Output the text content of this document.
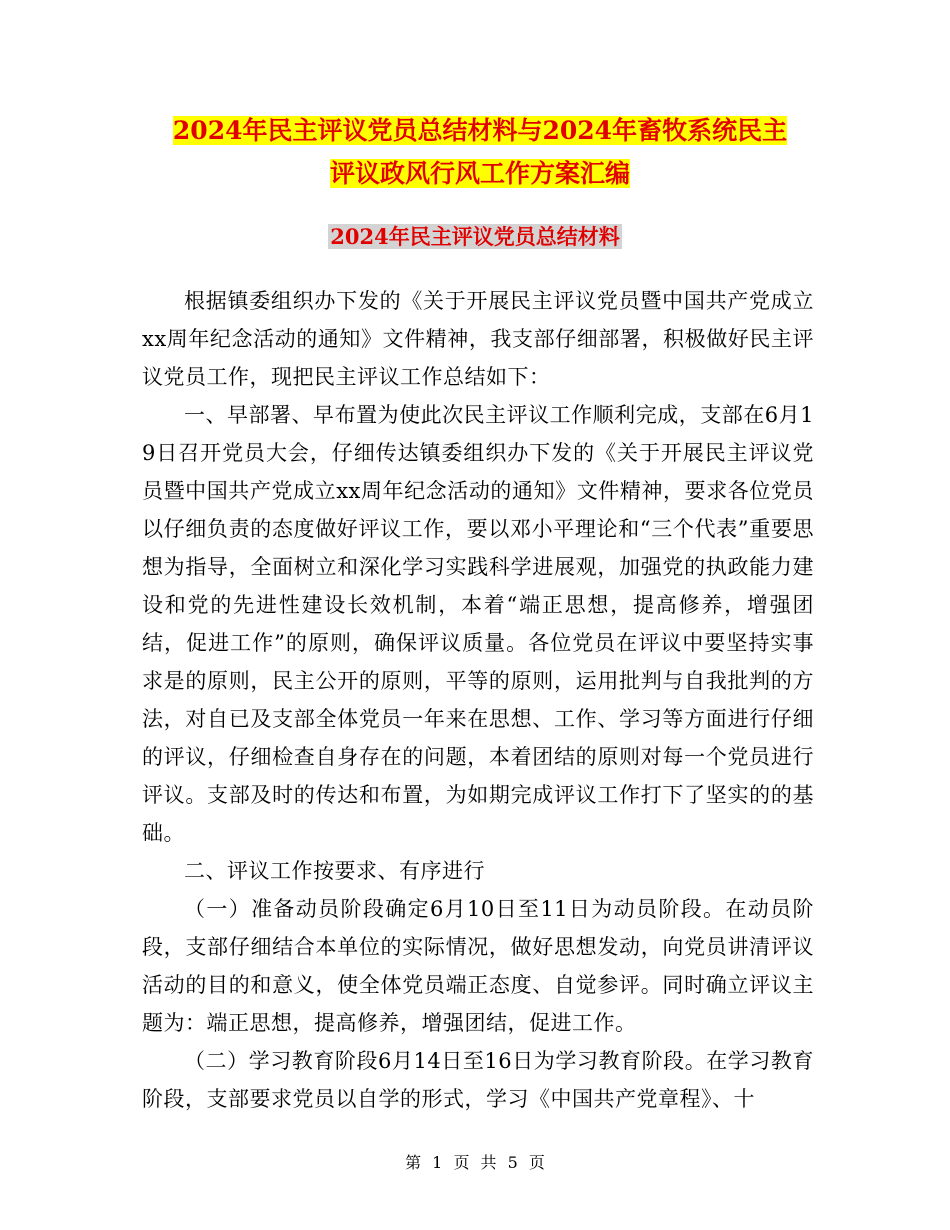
2024年民主评议党员总结材料与2024年畜牧系统民主
评议政风行风工作方案汇编
2024年民主评议党员总结材料

根据镇委组织办下发的《关于开展民主评议党员暨中国共产党成立xx周年纪念活动的通知》文件精神，我支部仔细部署，积极做好民主评议党员工作，现把民主评议工作总结如下：

一、早部署、早布置为使此次民主评议工作顺利完成，支部在6月19日召开党员大会，仔细传达镇委组织办下发的《关于开展民主评议党员暨中国共产党成立xx周年纪念活动的通知》文件精神，要求各位党员以仔细负责的态度做好评议工作，要以邓小平理论和“三个代表”重要思想为指导，全面树立和深化学习实践科学进展观，加强党的执政能力建设和党的先进性建设长效机制，本着“端正思想，提高修养，增强团结，促进工作”的原则，确保评议质量。各位党员在评议中要坚持实事求是的原则，民主公开的原则，平等的原则，运用批判与自我批判的方法，对自已及支部全体党员一年来在思想、工作、学习等方面进行仔细的评议，仔细检查自身存在的问题，本着团结的原则对每一个党员进行评议。支部及时的传达和布置，为如期完成评议工作打下了坚实的的基础。

二、评议工作按要求、有序进行

（一）准备动员阶段确定6月10日至11日为动员阶段。在动员阶段，支部仔细结合本单位的实际情况，做好思想发动，向党员讲清评议活动的目的和意义，使全体党员端正态度、自觉参评。同时确立评议主题为：端正思想，提高修养，增强团结，促进工作。

（二）学习教育阶段6月14日至16日为学习教育阶段。在学习教育阶段，支部要求党员以自学的形式，学习《中国共产党章程》、十

第 1 页 共 5 页
